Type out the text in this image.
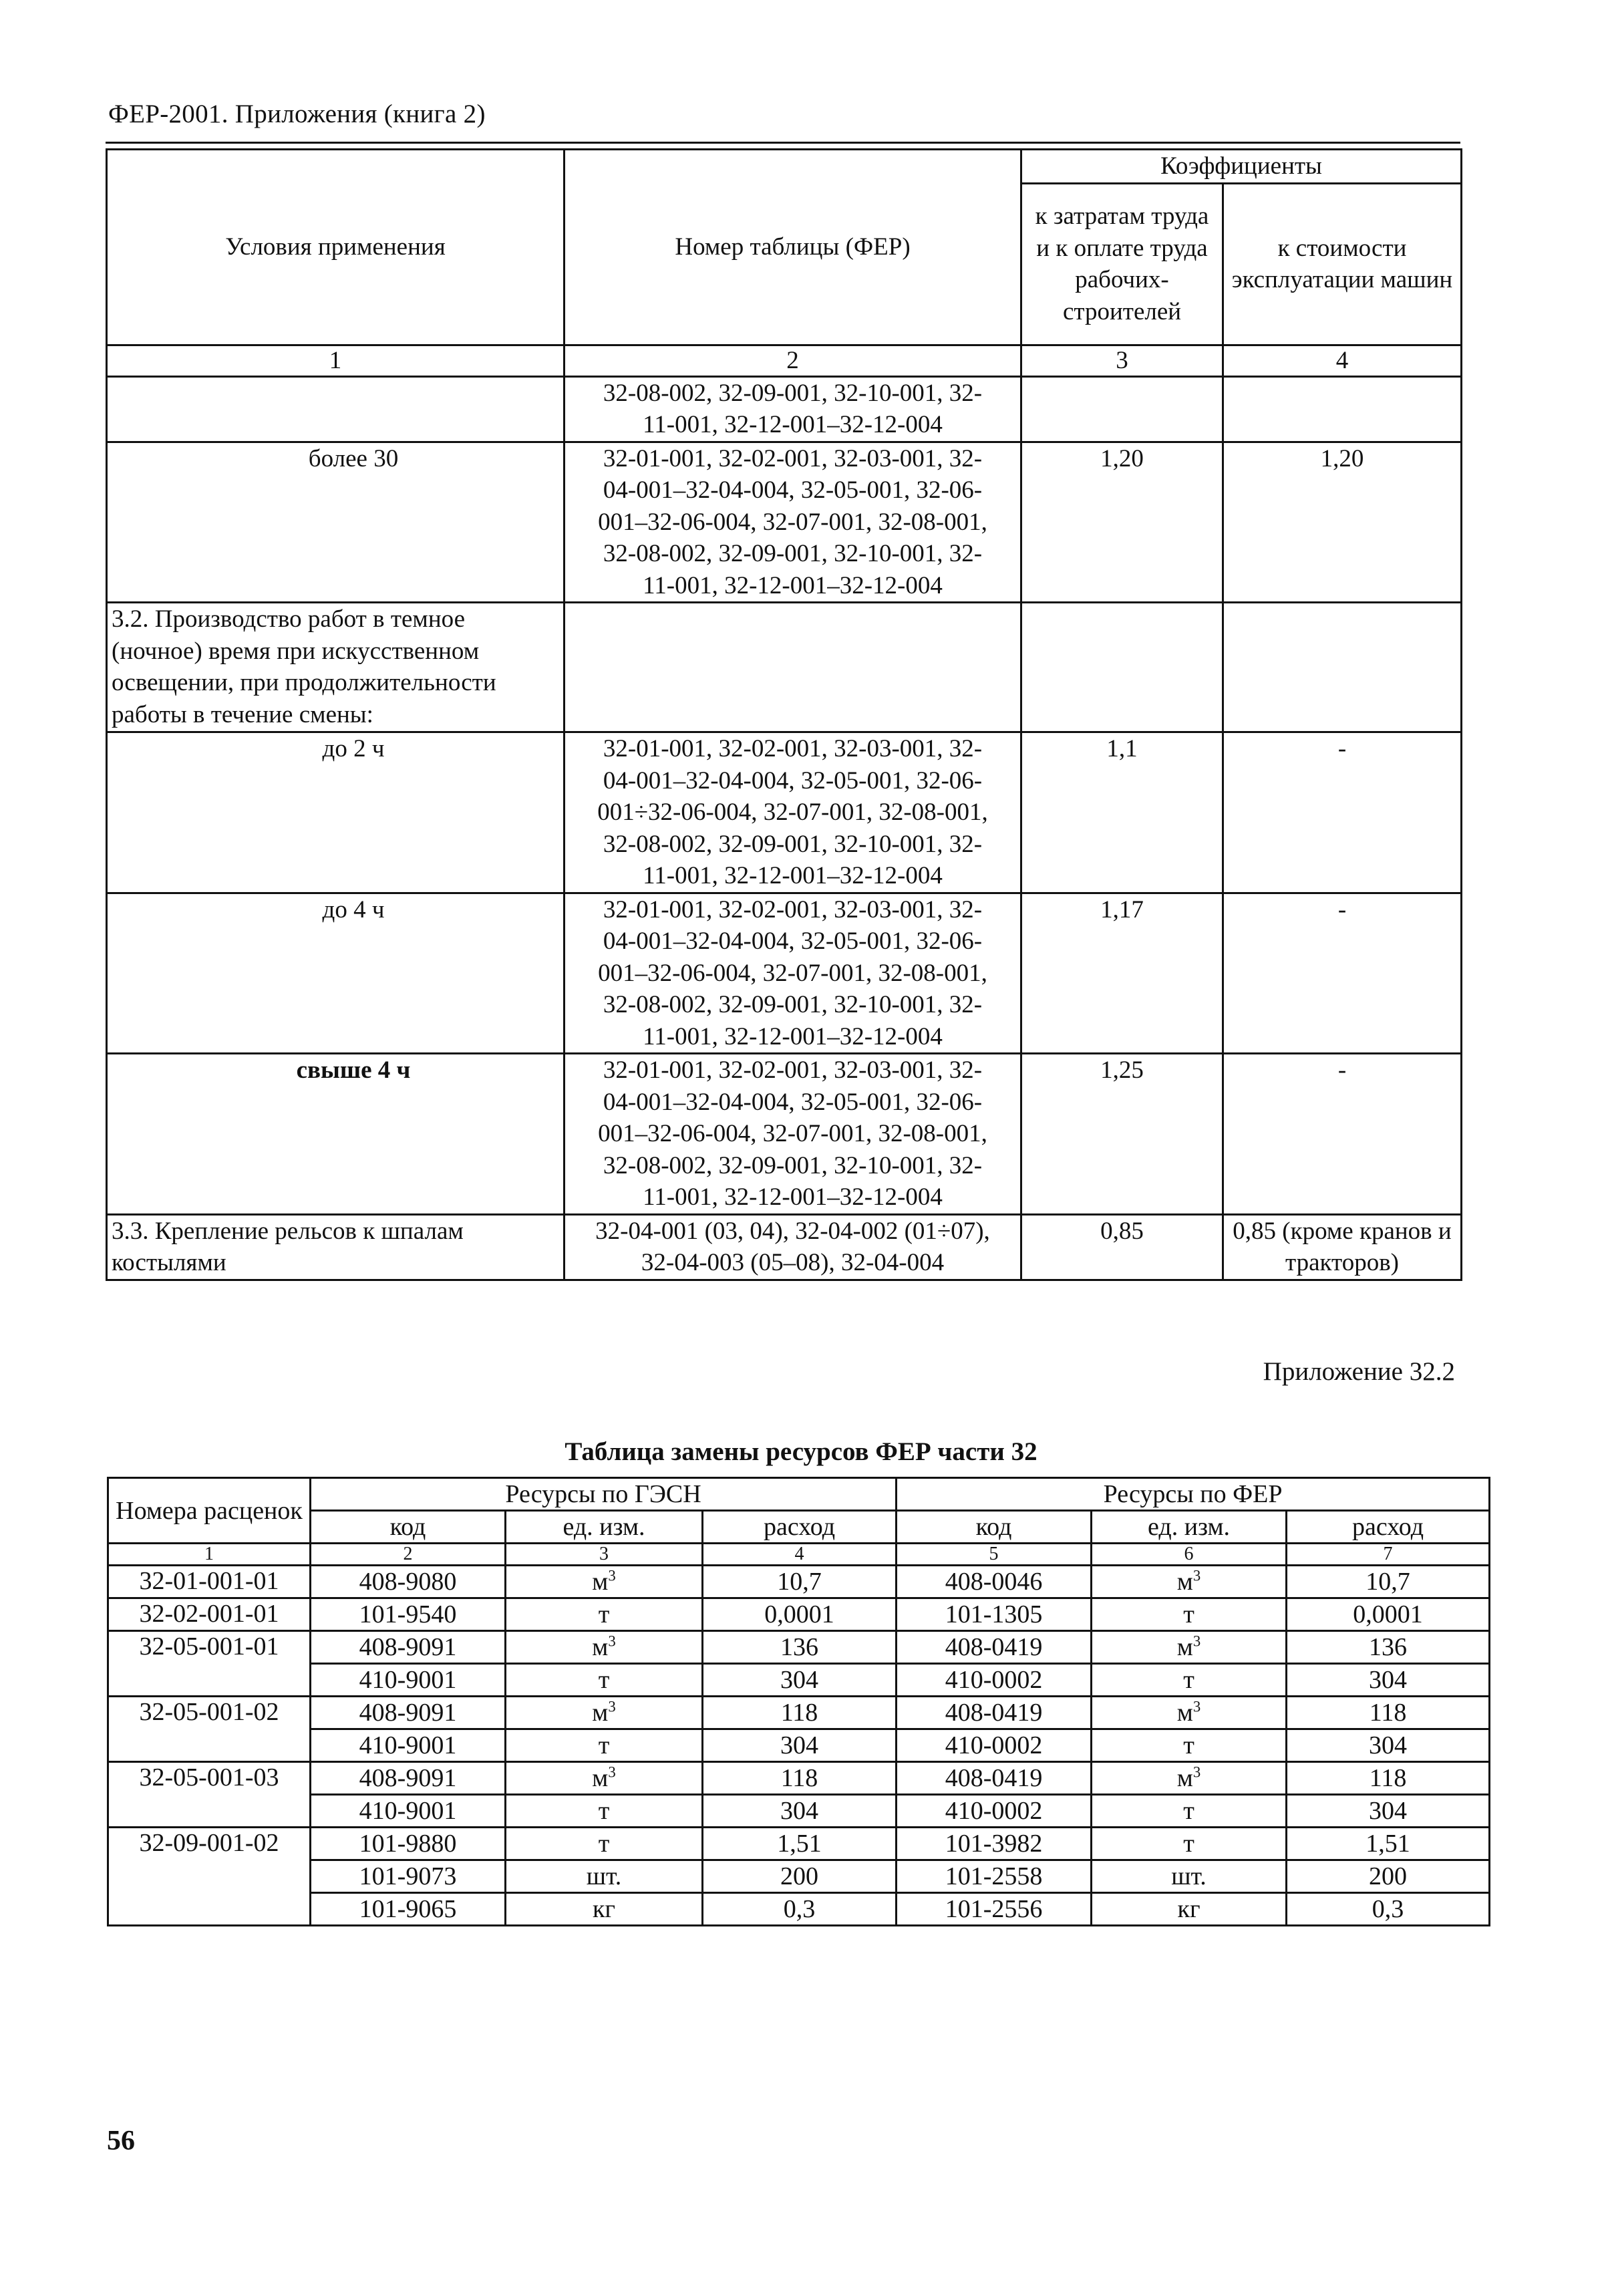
ФЕР-2001. Приложения (книга 2)
Условия применения	Номер таблицы (ФЕР)	Коэффициенты	
		к затратам труда и к оплате труда рабочих-строителей	к стоимости эксплуатации машин
1	2	3	4
	32-08-002, 32-09-001, 32-10-001, 32-
11-001, 32-12-001–32-12-004		
более 30	32-01-001, 32-02-001, 32-03-001, 32-
04-001–32-04-004, 32-05-001, 32-06-
001–32-06-004, 32-07-001, 32-08-001,
32-08-002, 32-09-001, 32-10-001, 32-
11-001, 32-12-001–32-12-004	1,20	1,20
3.2. Производство работ в темное (ночное) время при искусственном освещении, при продолжительности работы в течение смены:			
до 2 ч	32-01-001, 32-02-001, 32-03-001, 32-
04-001–32-04-004, 32-05-001, 32-06-
001÷32-06-004, 32-07-001, 32-08-001,
32-08-002, 32-09-001, 32-10-001, 32-
11-001, 32-12-001–32-12-004	1,1	-
до 4 ч	32-01-001, 32-02-001, 32-03-001, 32-
04-001–32-04-004, 32-05-001, 32-06-
001–32-06-004, 32-07-001, 32-08-001,
32-08-002, 32-09-001, 32-10-001, 32-
11-001, 32-12-001–32-12-004	1,17	-
свыше 4 ч	32-01-001, 32-02-001, 32-03-001, 32-
04-001–32-04-004, 32-05-001, 32-06-
001–32-06-004, 32-07-001, 32-08-001,
32-08-002, 32-09-001, 32-10-001, 32-
11-001, 32-12-001–32-12-004	1,25	-
3.3. Крепление рельсов к шпалам костылями	32-04-001 (03, 04), 32-04-002 (01÷07),
32-04-003 (05–08), 32-04-004	0,85	0,85 (кроме кранов и тракторов)
Приложение 32.2
Таблица замены ресурсов ФЕР части 32
Номера расценок	Ресурсы по ГЭСН			Ресурсы по ФЕР		
	код	ед. изм.	расход	код	ед. изм.	расход
1	2	3	4	5	6	7
32-01-001-01	408-9080	$м^3$	10,7	408-0046	$м^3$	10,7
32-02-001-01	101-9540	т	0,0001	101-1305	т	0,0001
32-05-001-01	408-9091	$м^3$	136	408-0419	$м^3$	136
	410-9001	т	304	410-0002	т	304
32-05-001-02	408-9091	$м^3$	118	408-0419	$м^3$	118
	410-9001	т	304	410-0002	т	304
32-05-001-03	408-9091	$м^3$	118	408-0419	$м^3$	118
	410-9001	т	304	410-0002	т	304
32-09-001-02	101-9880	т	1,51	101-3982	т	1,51
	101-9073	шт.	200	101-2558	шт.	200
	101-9065	кг	0,3	101-2556	кг	0,3
56
